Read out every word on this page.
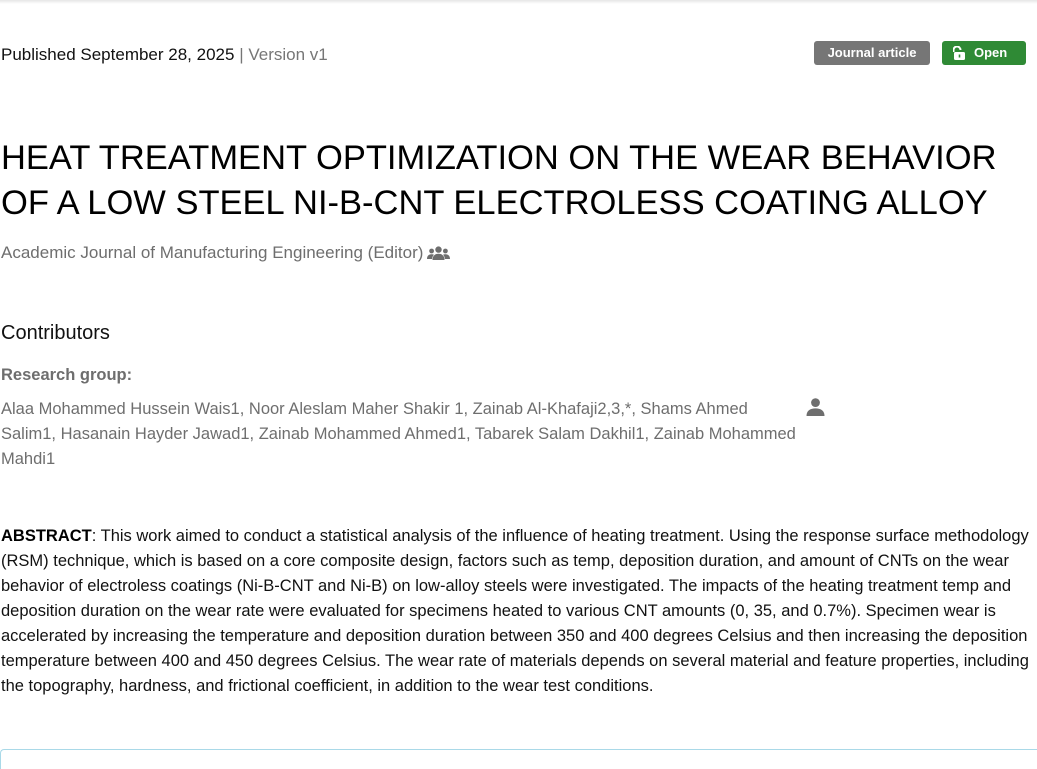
Published September 28, 2025 | Version v1	Journal article	Open
HEAT TREATMENT OPTIMIZATION ON THE WEAR BEHAVIOR OF A LOW STEEL NI-B-CNT ELECTROLESS COATING ALLOY
Academic Journal of Manufacturing Engineering (Editor)
Contributors
Research group:
Alaa Mohammed Hussein Wais1, Noor Aleslam Maher Shakir 1, Zainab Al-Khafaji2,3,*, Shams Ahmed Salim1, Hasanain Hayder Jawad1, Zainab Mohammed Ahmed1, Tabarek Salam Dakhil1, Zainab Mohammed Mahdi1

ABSTRACT: This work aimed to conduct a statistical analysis of the influence of heating treatment. Using the response surface methodology (RSM) technique, which is based on a core composite design, factors such as temp, deposition duration, and amount of CNTs on the wear behavior of electroless coatings (Ni-B-CNT and Ni-B) on low-alloy steels were investigated. The impacts of the heating treatment temp and deposition duration on the wear rate were evaluated for specimens heated to various CNT amounts (0, 35, and 0.7%). Specimen wear is accelerated by increasing the temperature and deposition duration between 350 and 400 degrees Celsius and then increasing the deposition temperature between 400 and 450 degrees Celsius. The wear rate of materials depends on several material and feature properties, including the topography, hardness, and frictional coefficient, in addition to the wear test conditions.
